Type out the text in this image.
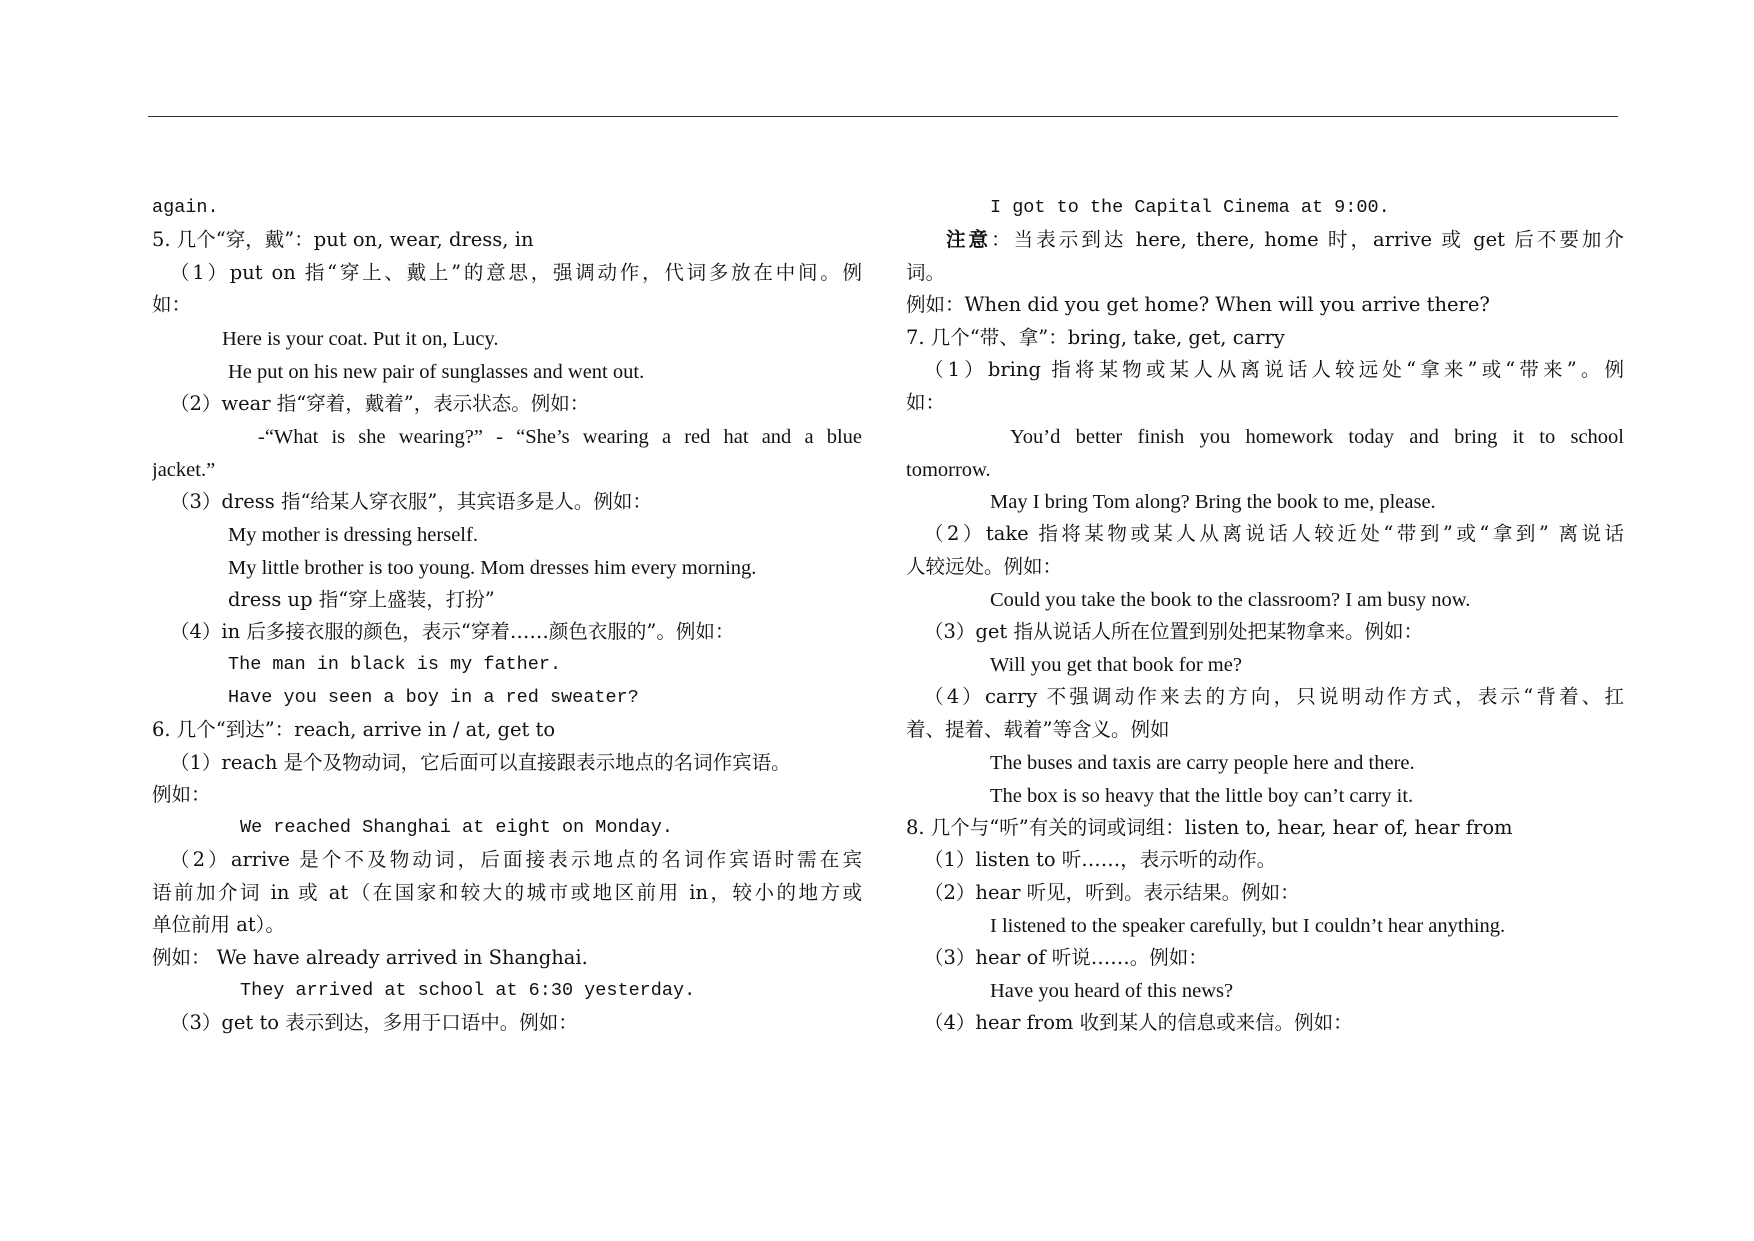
again.
5. 几个“穿，戴”：put on, wear, dress, in
（1）put on 指“穿上、戴上”的意思，强调动作，代词多放在中间。例
如：
Here is your coat. Put it on, Lucy.
He put on his new pair of sunglasses and went out.
（2）wear 指“穿着，戴着”，表示状态。例如：
-“What is she wearing?” - “She’s wearing a red hat and a blue
jacket.”
（3）dress 指“给某人穿衣服”，其宾语多是人。例如：
My mother is dressing herself.
My little brother is too young. Mom dresses him every morning.
dress up 指“穿上盛装，打扮”
（4）in 后多接衣服的颜色，表示“穿着……颜色衣服的”。例如：
The man in black is my father.
Have you seen a boy in a red sweater?
6. 几个“到达”：reach, arrive in / at, get to
（1）reach 是个及物动词，它后面可以直接跟表示地点的名词作宾语。
例如：
We reached Shanghai at eight on Monday.
（2）arrive 是个不及物动词，后面接表示地点的名词作宾语时需在宾
语前加介词 in 或 at（在国家和较大的城市或地区前用 in，较小的地方或
单位前用 at）。
例如： We have already arrived in Shanghai.
They arrived at school at 6:30 yesterday.
（3）get to 表示到达，多用于口语中。例如：
I got to the Capital Cinema at 9:00.
注意：当表示到达 here, there, home 时，arrive 或 get 后不要加介
词。
例如：When did you get home? When will you arrive there?
7. 几个“带、拿”：bring, take, get, carry
（1）bring 指将某物或某人从离说话人较远处“拿来”或“带来”。例
如：
You’d better finish you homework today and bring it to school
tomorrow.
May I bring Tom along? Bring the book to me, please.
（2）take 指将某物或某人从离说话人较近处“带到”或“拿到” 离说话
人较远处。例如：
Could you take the book to the classroom? I am busy now.
（3）get 指从说话人所在位置到别处把某物拿来。例如：
Will you get that book for me?
（4）carry 不强调动作来去的方向，只说明动作方式，表示“背着、扛
着、提着、载着”等含义。例如
The buses and taxis are carry people here and there.
The box is so heavy that the little boy can’t carry it.
8. 几个与“听”有关的词或词组：listen to, hear, hear of, hear from
（1）listen to 听……，表示听的动作。
（2）hear 听见，听到。表示结果。例如：
I listened to the speaker carefully, but I couldn’t hear anything.
（3）hear of 听说……。例如：
Have you heard of this news?
（4）hear from 收到某人的信息或来信。例如：
